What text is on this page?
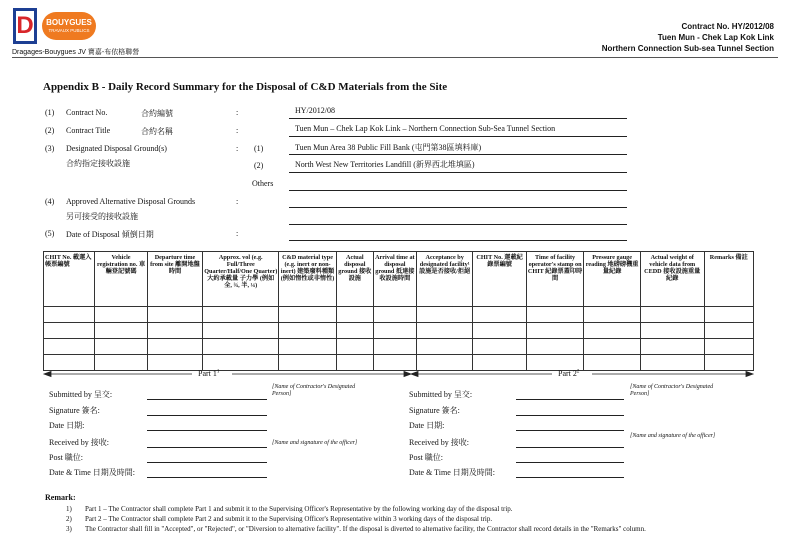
D	BOUYGUES
TRAVAUX PUBLICS
Dragages-Bouygues JV 寶嘉-布依格聯營
Contract No. HY/2012/08
Tuen Mun - Chek Lap Kok Link
Northern Connection Sub-sea Tunnel Section
Appendix B - Daily Record Summary for the Disposal of C&D Materials from the Site
(1) Contract No.	合約編號	:	HY/2012/08
(2) Contract Title	合約名稱	:	Tuen Mun – Chek Lap Kok Link – Northern Connection Sub-Sea Tunnel Section
(3) Designated Disposal Ground(s)
合約指定接收設施
: (1)	Tuen Mun Area 38 Public Fill Bank (屯門第38區填料庫)
(2)	North West New Territories Landfill (新界西北堆填區)
Others
(4) Approved Alternative Disposal Grounds
另可接受的接收設施
:
(5) Date of Disposal 傾倒日期	:
CHIT No. 載運入帳票編號	Vehicle registration no. 車輛登記號碼	Departure time from site 離開地盤時間	Approx. vol (e.g. Full/Three Quarter/Half/One Quarter) 大約承載量 子力學 (例如全, ¾, 半, ¼)	C&D material type (e.g. inert or non-inert) 建築廢料種類 (例如惰性或非惰性)	Actual disposal ground 接收設施	Arrival time at disposal ground 抵達接收設施時間	Acceptance by designated facility¹ 設施是否接收/拒絕	CHIT No. 運載紀錄票編號	Time of facility operator's stamp on CHIT 紀錄票蓋印時間	Pressure gauge reading 地磅磅機重量紀錄	Actual weight of vehicle data from CEDD 接收設施重量紀錄	Remarks 備註

Part $1^1$	Part $2^2$
Submitted by 呈交:
[Name of Contractor's Designated Person]
Signature 簽名:
Date 日期:
Received by 接收:	[Name and signature of the officer]
Post 職位:
Date & Time 日期及時間:
Submitted by 呈交:
[Name of Contractor's Designated Person]
Signature 簽名:
Date 日期:
Received by 接收:
[Name and signature of the officer]
Post 職位:
Date & Time 日期及時間:
Remark:
1) Part 1 – The Contractor shall complete Part 1 and submit it to the Supervising Officer's Representative by the following working day of the disposal trip.
2) Part 2 – The Contractor shall complete Part 2 and submit it to the Supervising Officer's Representative within 3 working days of the disposal trip.
3) The Contractor shall fill in "Accepted", or "Rejected", or "Diversion to alternative facility". If the disposal is diverted to alternative facility, the Contractor shall record details in the "Remarks" column.
